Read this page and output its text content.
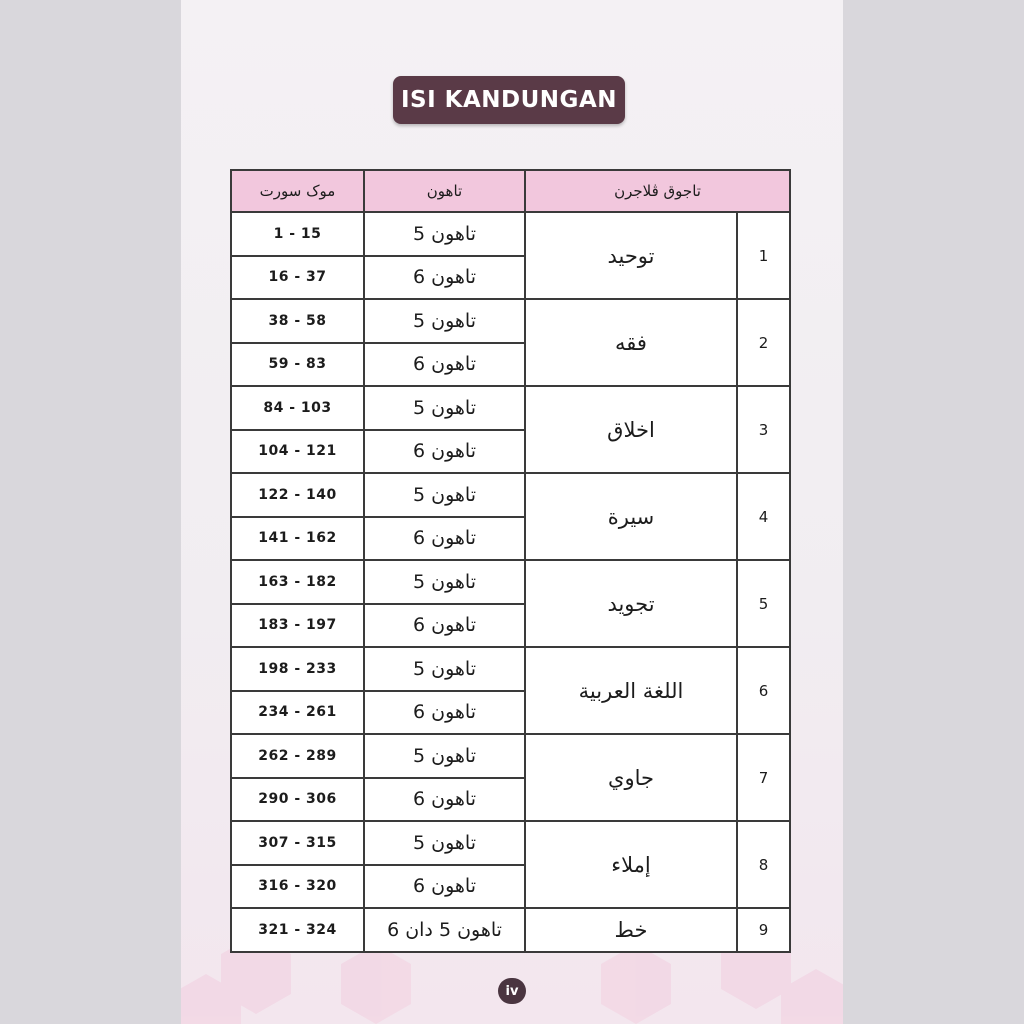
ISI KANDUNGAN
موک سورت	تاهون	تاجوق ڤلاجرن	
1 - 15	تاهون 5	توحيد	1
16 - 37	تاهون 6		
38 - 58	تاهون 5	فقه	2
59 - 83	تاهون 6		
84 - 103	تاهون 5	اخلاق	3
104 - 121	تاهون 6		
122 - 140	تاهون 5	سيرة	4
141 - 162	تاهون 6		
163 - 182	تاهون 5	تجويد	5
183 - 197	تاهون 6		
198 - 233	تاهون 5	اللغة العربية	6
234 - 261	تاهون 6		
262 - 289	تاهون 5	جاوي	7
290 - 306	تاهون 6		
307 - 315	تاهون 5	إملاء	8
316 - 320	تاهون 6		
321 - 324	تاهون 5 دان 6	خط	9
iv
